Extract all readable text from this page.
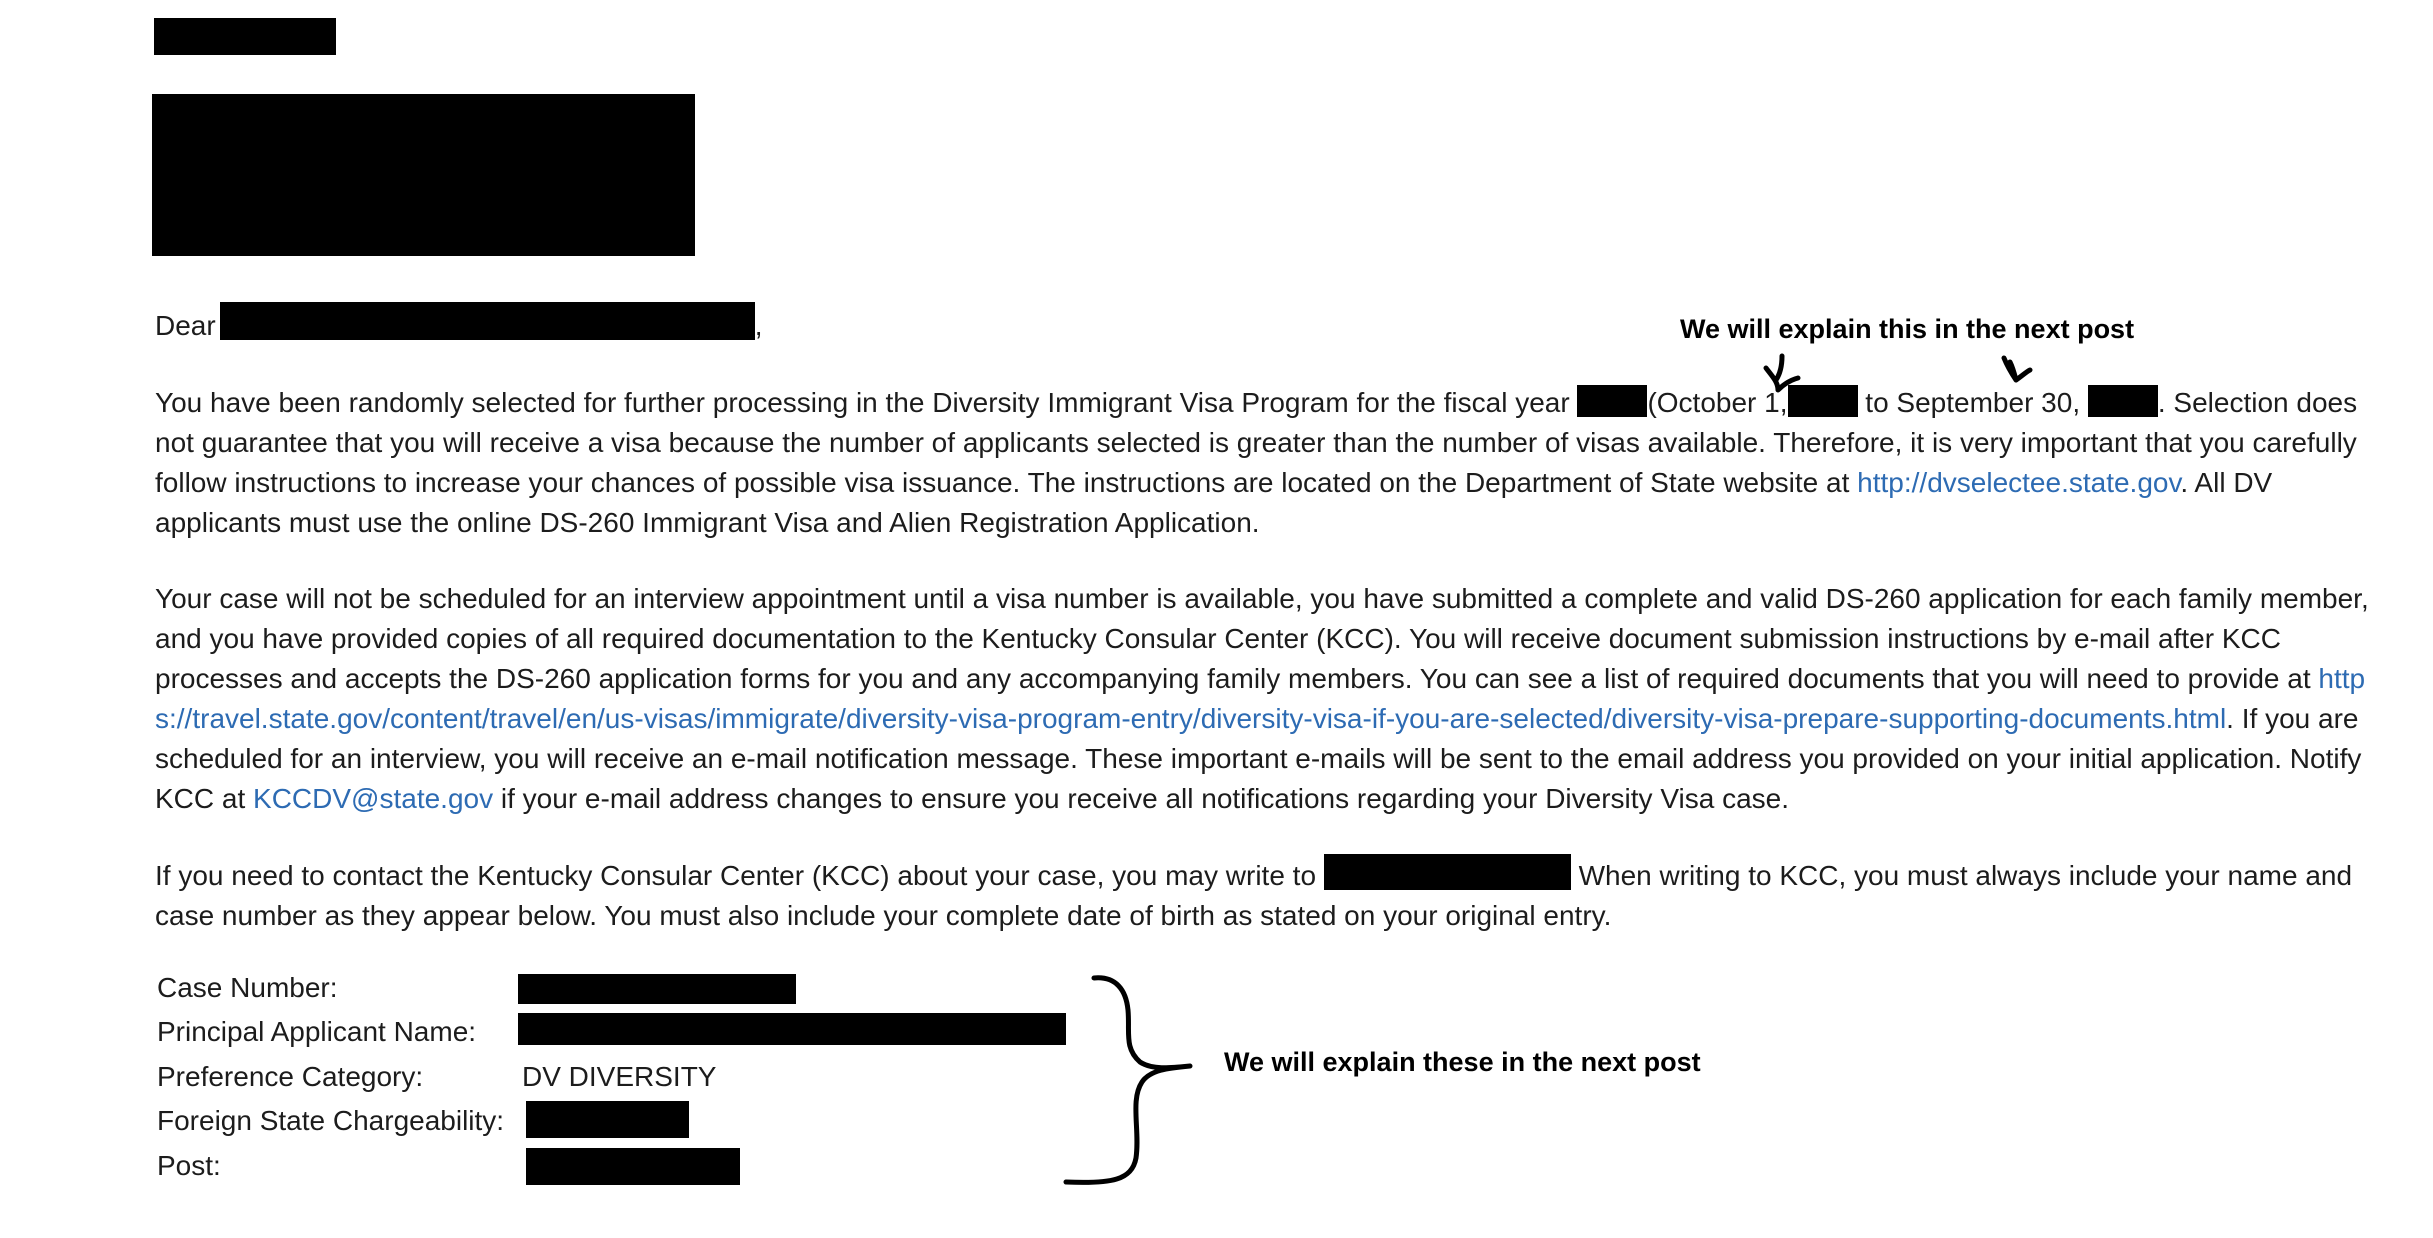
Dear	,

You have been randomly selected for further processing in the Diversity Immigrant Visa Program for the fiscal year	(October 1,	to September 30,	. Selection does not guarantee that you will receive a visa because the number of applicants selected is greater than the number of visas available. Therefore, it is very important that you carefully follow instructions to increase your chances of possible visa issuance. The instructions are located on the Department of State website at http://dvselectee.state.gov. All DV applicants must use the online DS-260 Immigrant Visa and Alien Registration Application.

Your case will not be scheduled for an interview appointment until a visa number is available, you have submitted a complete and valid DS-260 application for each family member, and you have provided copies of all required documentation to the Kentucky Consular Center (KCC). You will receive document submission instructions by e-mail after KCC processes and accepts the DS-260 application forms for you and any accompanying family members. You can see a list of required documents that you will need to provide at https://travel.state.gov/content/travel/en/us-visas/immigrate/diversity-visa-program-entry/diversity-visa-if-you-are-selected/diversity-visa-prepare-supporting-documents.html. If you are scheduled for an interview, you will receive an e-mail notification message. These important e-mails will be sent to the email address you provided on your initial application. Notify KCC at KCCDV@state.gov if your e-mail address changes to ensure you receive all notifications regarding your Diversity Visa case.

If you need to contact the Kentucky Consular Center (KCC) about your case, you may write to	When writing to KCC, you must always include your name and case number as they appear below. You must also include your complete date of birth as stated on your original entry.

Case Number:
Principal Applicant Name:
Preference Category:	DV DIVERSITY
Foreign State Chargeability:
Post:
We will explain this in the next post
We will explain these in the next post
